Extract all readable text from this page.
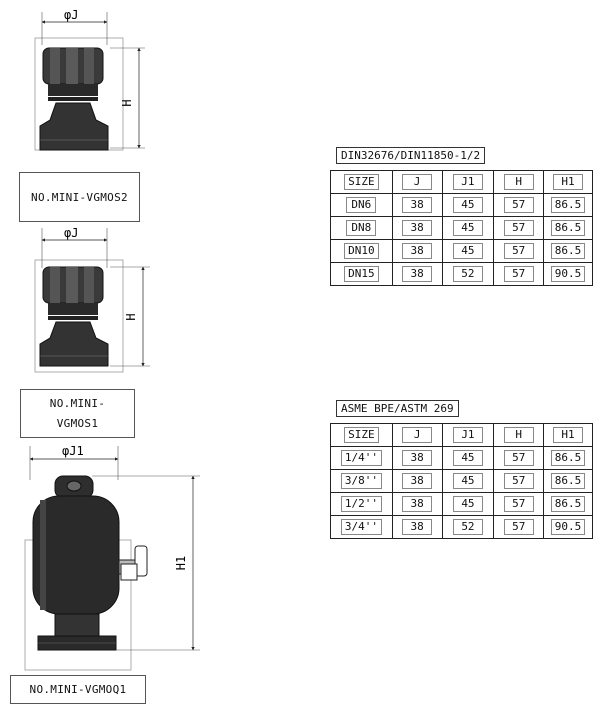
φJ
H
φJ
H
φJ1
H1
NO.MINI-VGMOS2
NO.MINI-
VGMOS1
NO.MINI-VGMOQ1
DIN32676/DIN11850-1/2
SIZE	J	J1	H	H1
DN6	38	45	57	86.5
DN8	38	45	57	86.5
DN10	38	45	57	86.5
DN15	38	52	57	90.5
ASME BPE/ASTM 269
SIZE	J	J1	H	H1
1/4''	38	45	57	86.5
3/8''	38	45	57	86.5
1/2''	38	45	57	86.5
3/4''	38	52	57	90.5
